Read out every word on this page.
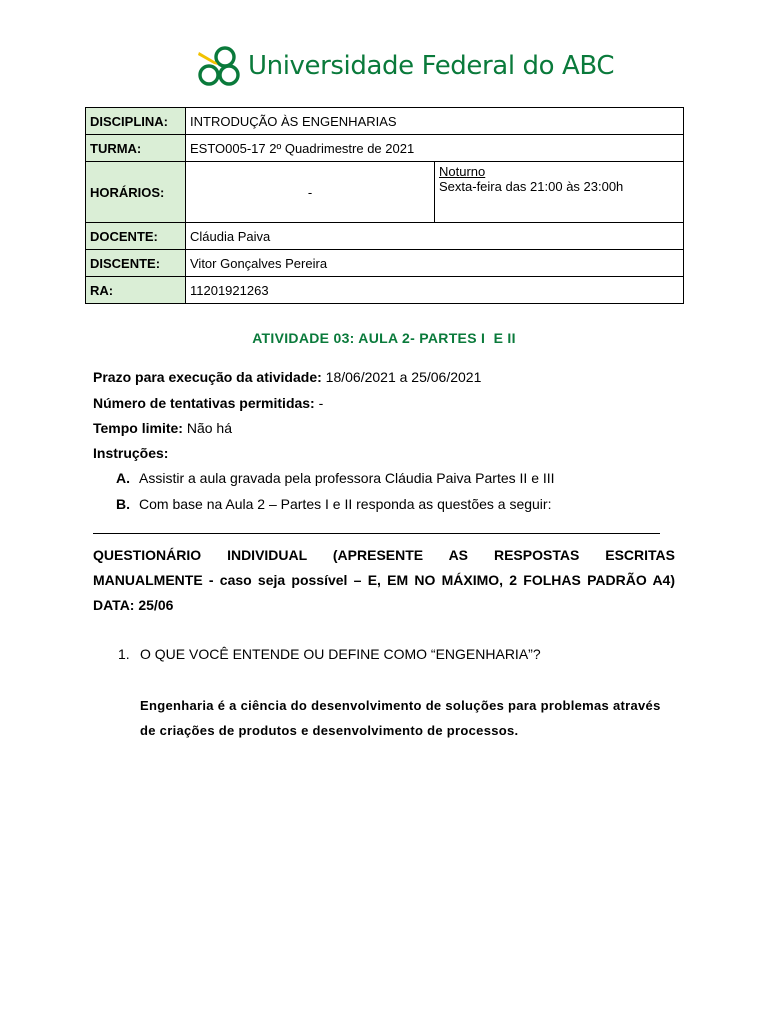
Universidade Federal do ABC
DISCIPLINA:	INTRODUÇÃO ÀS ENGENHARIAS	
TURMA:	ESTO005-17 2º Quadrimestre de 2021	
HORÁRIOS:	-	Noturno
Sexta-feira das 21:00 às 23:00h

DOCENTE:	Cláudia Paiva	
DISCENTE:	Vitor Gonçalves Pereira	
RA:	11201921263	
ATIVIDADE 03: AULA 2- PARTES I  E II
Prazo para execução da atividade: 18/06/2021 a 25/06/2021
Número de tentativas permitidas: -
Tempo limite: Não há
Instruções:
A. Assistir a aula gravada pela professora Cláudia Paiva Partes II e III
B. Com base na Aula 2 – Partes I e II responda as questões a seguir:
QUESTIONÁRIO INDIVIDUAL (APRESENTE AS RESPOSTAS ESCRITAS MANUALMENTE - caso seja possível – E, EM NO MÁXIMO, 2 FOLHAS PADRÃO A4) DATA: 25/06
1. O QUE VOCÊ ENTENDE OU DEFINE COMO “ENGENHARIA”?
Engenharia é a ciência do desenvolvimento de soluções para problemas através de criações de produtos e desenvolvimento de processos.
